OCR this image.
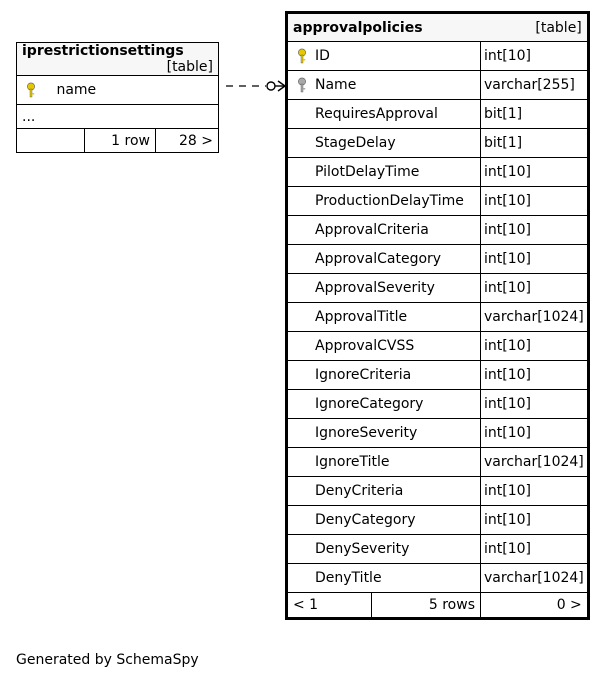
iprestrictionsettings
[table]

name
...
	1 row	28 >
approvalpolicies [table]		

ID		int[10]

Name		varchar[255]
RequiresApproval		bit[1]
StageDelay		bit[1]
PilotDelayTime		int[10]
ProductionDelayTime		int[10]
ApprovalCriteria		int[10]
ApprovalCategory		int[10]
ApprovalSeverity		int[10]
ApprovalTitle		varchar[1024]
ApprovalCVSS		int[10]
IgnoreCriteria		int[10]
IgnoreCategory		int[10]
IgnoreSeverity		int[10]
IgnoreTitle		varchar[1024]
DenyCriteria		int[10]
DenyCategory		int[10]
DenySeverity		int[10]
DenyTitle		varchar[1024]
< 1	5 rows	0 >
Generated by SchemaSpy
